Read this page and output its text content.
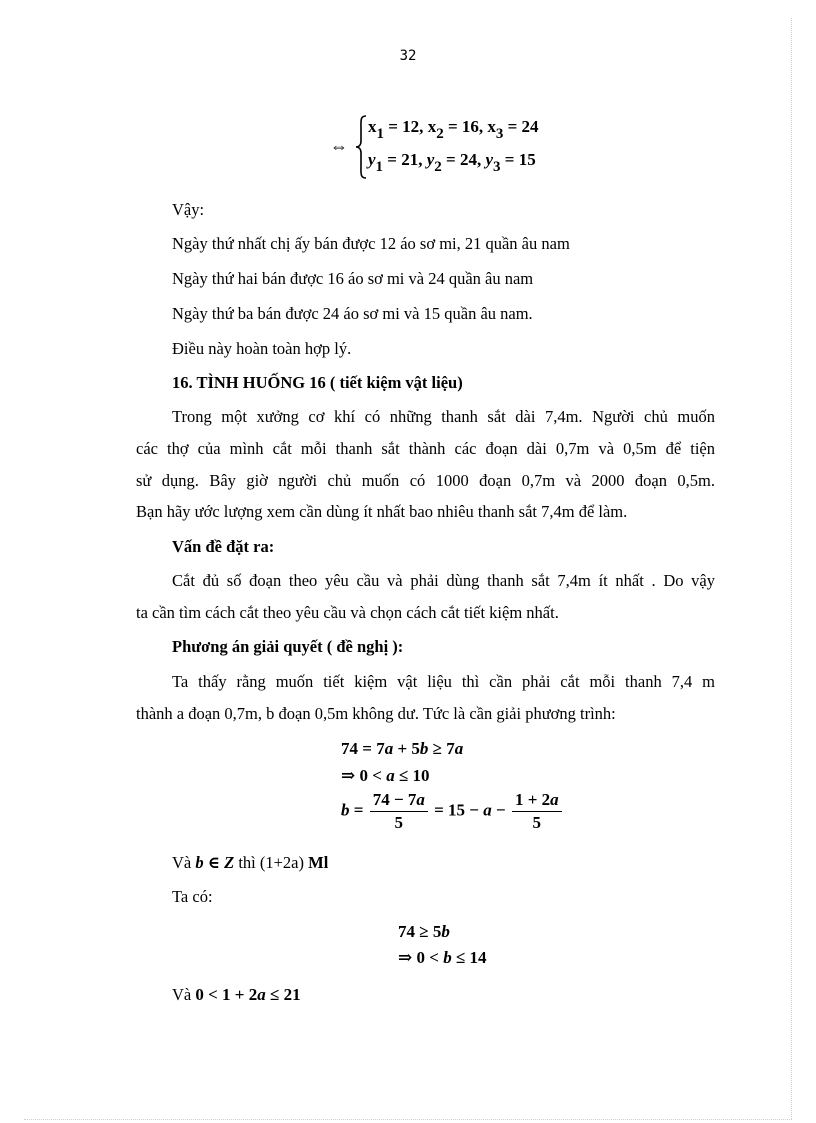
32
⇔
$x_1 = 12$, $x_2 = 16$, $x_3 = 24$
$y_1 = 21$, $y_2 = 24$, $y_3 = 15$
Vậy:
Ngày thứ nhất chị ấy bán được 12 áo sơ mi, 21 quần âu nam
Ngày thứ hai bán được 16 áo sơ mi và 24 quần âu nam
Ngày thứ ba bán được 24 áo sơ mi và 15 quần âu nam.
Điều này hoàn toàn hợp lý.
16. TÌNH HUỐNG 16 ( tiết kiệm vật liệu)
Trong một xưởng cơ khí có những thanh sắt dài 7,4m. Người chủ muốn
các thợ của mình cắt mỗi thanh sắt thành các đoạn dài 0,7m và 0,5m để tiện
sử dụng. Bây giờ người chủ muốn có 1000 đoạn 0,7m và 2000 đoạn 0,5m.
Bạn hãy ước lượng xem cần dùng ít nhất bao nhiêu thanh sắt 7,4m để làm.
Vấn đề đặt ra:
Cắt đủ số đoạn theo yêu cầu và phải dùng thanh sắt 7,4m ít nhất . Do vậy
ta cần tìm cách cắt theo yêu cầu và chọn cách cắt tiết kiệm nhất.
Phương án giải quyết ( đề nghị ):
Ta thấy rằng muốn tiết kiệm vật liệu thì cần phải cắt mỗi thanh 7,4 m
thành a đoạn 0,7m, b đoạn 0,5m không dư. Tức là cần giải phương trình:
74 = 7a + 5b ≥ 7a
⇒ 0 < a ≤ 10
$b = \frac{74 - 7a}{5} = 15 - a - \frac{1 + 2a}{5}$
Và b ∈ Z thì (1+2a) Ml
Ta có:
74 ≥ 5b
⇒ 0 < b ≤ 14
Và 0 < 1 + 2a ≤ 21
